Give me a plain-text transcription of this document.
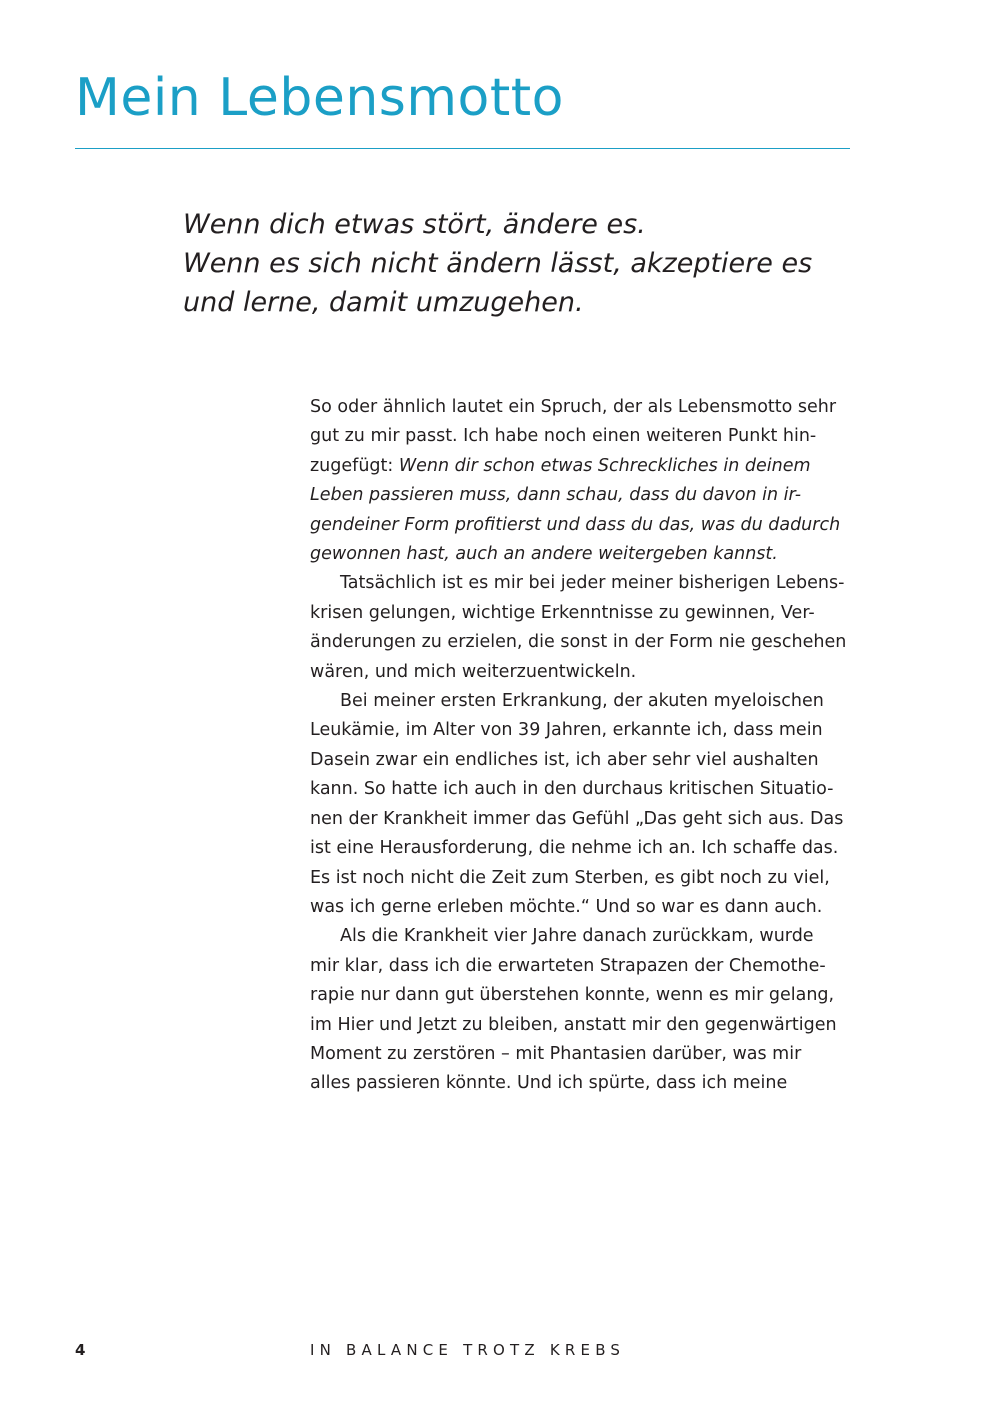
Mein Lebensmotto
Wenn dich etwas stört, ändere es.
Wenn es sich nicht ändern lässt, akzeptiere es
und lerne, damit umzugehen.
So oder ähnlich lautet ein Spruch, der als Lebensmotto sehr
gut zu mir passt. Ich habe noch einen weiteren Punkt hin-
zugefügt: Wenn dir schon etwas Schreckliches in deinem
Leben passieren muss, dann schau, dass du davon in ir-
gendeiner Form profitierst und dass du das, was du dadurch
gewonnen hast, auch an andere weitergeben kannst.
Tatsächlich ist es mir bei jeder meiner bisherigen Lebens-
krisen gelungen, wichtige Erkenntnisse zu gewinnen, Ver-
änderungen zu erzielen, die sonst in der Form nie geschehen
wären, und mich weiterzuentwickeln.
Bei meiner ersten Erkrankung, der akuten myeloischen
Leukämie, im Alter von 39 Jahren, erkannte ich, dass mein
Dasein zwar ein endliches ist, ich aber sehr viel aushalten
kann. So hatte ich auch in den durchaus kritischen Situatio-
nen der Krankheit immer das Gefühl „Das geht sich aus. Das
ist eine Herausforderung, die nehme ich an. Ich schaffe das.
Es ist noch nicht die Zeit zum Sterben, es gibt noch zu viel,
was ich gerne erleben möchte.“ Und so war es dann auch.
Als die Krankheit vier Jahre danach zurückkam, wurde
mir klar, dass ich die erwarteten Strapazen der Chemothe-
rapie nur dann gut überstehen konnte, wenn es mir gelang,
im Hier und Jetzt zu bleiben, anstatt mir den gegenwärtigen
Moment zu zerstören – mit Phantasien darüber, was mir
alles passieren könnte. Und ich spürte, dass ich meine
4	IN BALANCE TROTZ KREBS
